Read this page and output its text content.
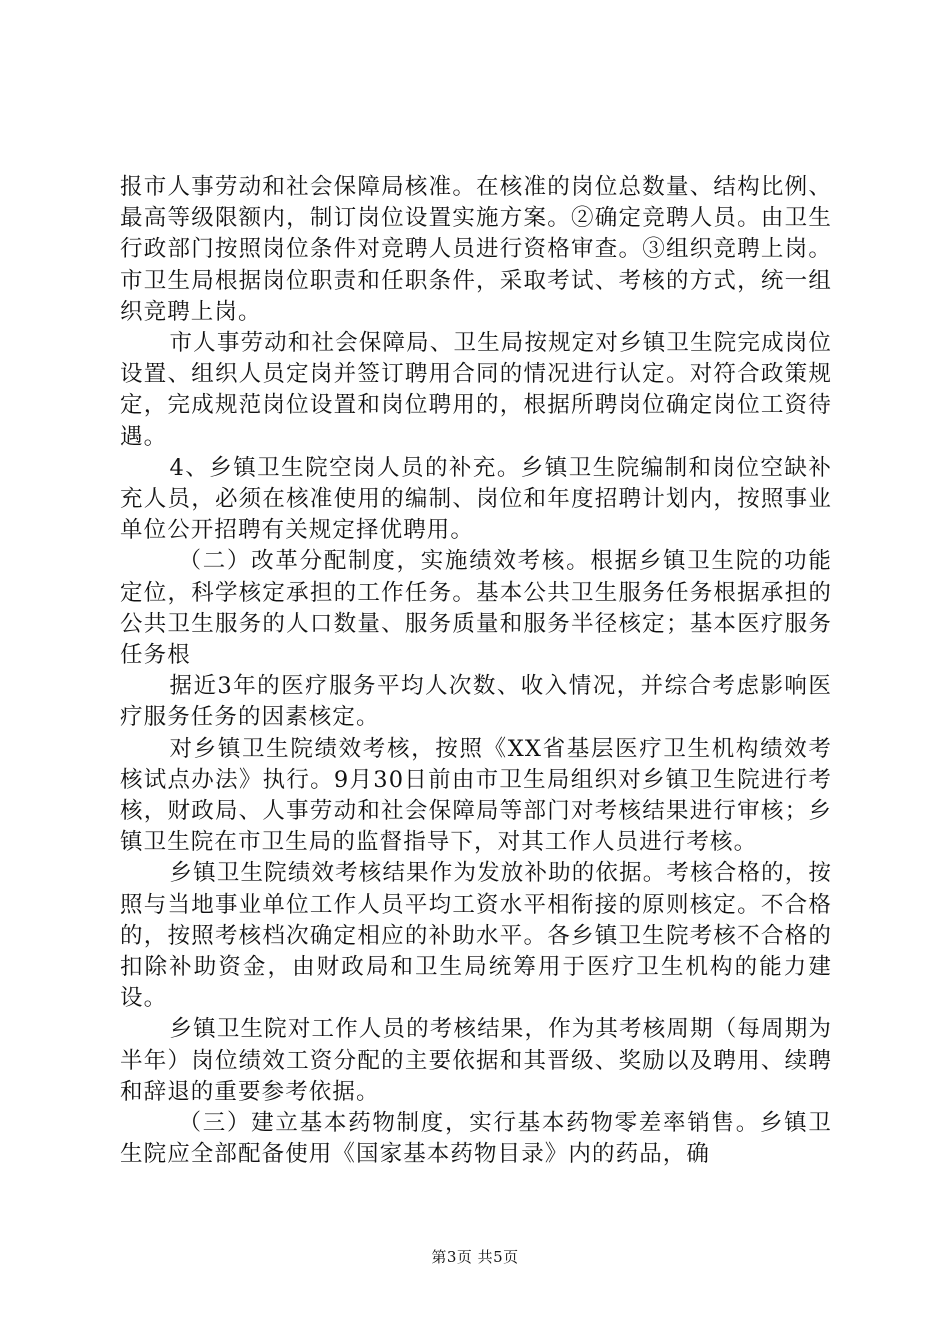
报市人事劳动和社会保障局核准。在核准的岗位总数量、结构比例、最高等级限额内，制订岗位设置实施方案。②确定竞聘人员。由卫生行政部门按照岗位条件对竞聘人员进行资格审查。③组织竞聘上岗。市卫生局根据岗位职责和任职条件，采取考试、考核的方式，统一组织竞聘上岗。

市人事劳动和社会保障局、卫生局按规定对乡镇卫生院完成岗位设置、组织人员定岗并签订聘用合同的情况进行认定。对符合政策规定，完成规范岗位设置和岗位聘用的，根据所聘岗位确定岗位工资待遇。

4、乡镇卫生院空岗人员的补充。乡镇卫生院编制和岗位空缺补充人员，必须在核准使用的编制、岗位和年度招聘计划内，按照事业单位公开招聘有关规定择优聘用。

（二）改革分配制度，实施绩效考核。根据乡镇卫生院的功能定位，科学核定承担的工作任务。基本公共卫生服务任务根据承担的公共卫生服务的人口数量、服务质量和服务半径核定；基本医疗服务任务根

据近3年的医疗服务平均人次数、收入情况，并综合考虑影响医疗服务任务的因素核定。

对乡镇卫生院绩效考核，按照《XX省基层医疗卫生机构绩效考核试点办法》执行。9月30日前由市卫生局组织对乡镇卫生院进行考核，财政局、人事劳动和社会保障局等部门对考核结果进行审核；乡镇卫生院在市卫生局的监督指导下，对其工作人员进行考核。

乡镇卫生院绩效考核结果作为发放补助的依据。考核合格的，按照与当地事业单位工作人员平均工资水平相衔接的原则核定。不合格的，按照考核档次确定相应的补助水平。各乡镇卫生院考核不合格的扣除补助资金，由财政局和卫生局统筹用于医疗卫生机构的能力建设。

乡镇卫生院对工作人员的考核结果，作为其考核周期（每周期为半年）岗位绩效工资分配的主要依据和其晋级、奖励以及聘用、续聘和辞退的重要参考依据。

（三）建立基本药物制度，实行基本药物零差率销售。乡镇卫生院应全部配备使用《国家基本药物目录》内的药品，确

第3页 共5页
